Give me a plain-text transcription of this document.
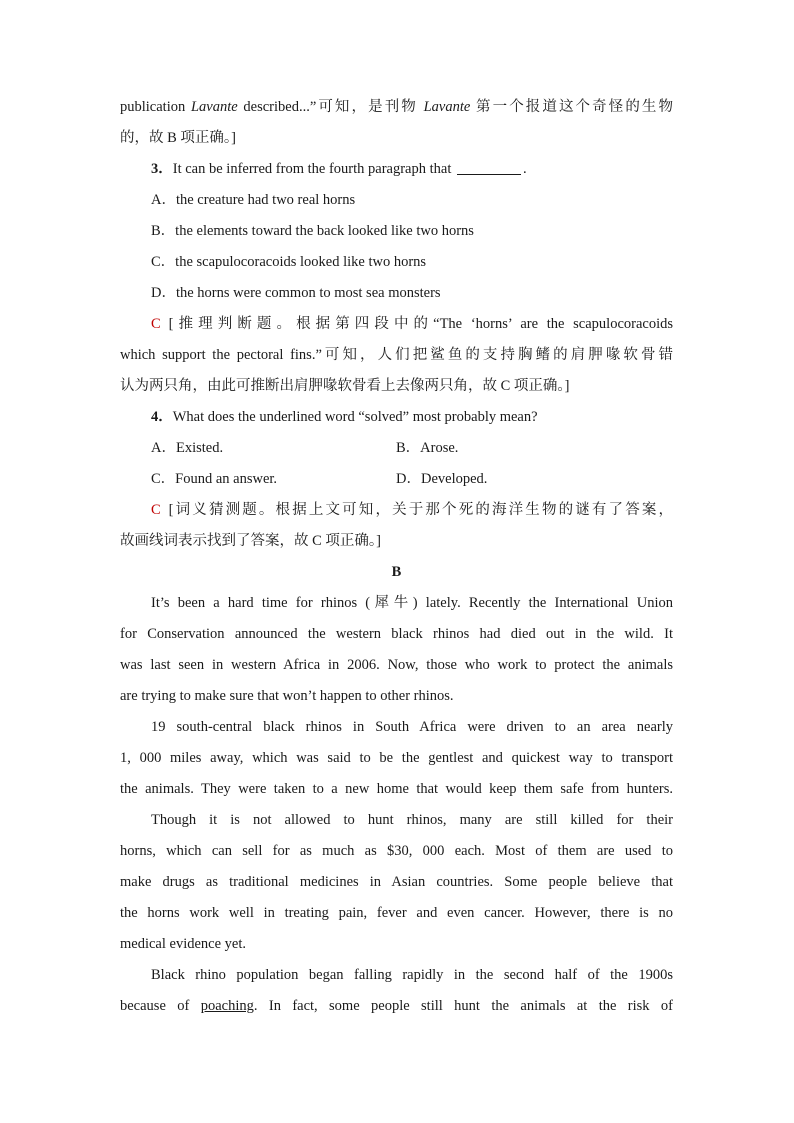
publication Lavante described...”可知，是刊物 Lavante 第一个报道这个奇怪的生物
的，故 B 项正确。]
3．It can be inferred from the fourth paragraph that	.
A．the creature had two real horns
B．the elements toward the back looked like two horns
C．the scapulocoracoids looked like two horns
D．the horns were common to most sea monsters
C [推理判断题。根据第四段中的“The ‘horns’ are the scapulocoracoids
which support the pectoral fins.”可知，人们把鲨鱼的支持胸鳍的肩胛喙软骨错
认为两只角，由此可推断出肩胛喙软骨看上去像两只角，故 C 项正确。]
4．What does the underlined word “solved” most probably mean?
A．Existed.	B．Arose.
C．Found an answer.	D．Developed.
C [词义猜测题。根据上文可知，关于那个死的海洋生物的谜有了答案，
故画线词表示找到了答案，故 C 项正确。]
B
It’s been a hard time for rhinos (犀牛) lately. Recently the International Union
for Conservation announced the western black rhinos had died out in the wild. It
was last seen in western Africa in 2006. Now, those who work to protect the animals
are trying to make sure that won’t happen to other rhinos.
19 south-central black rhinos in South Africa were driven to an area nearly
1, 000 miles away, which was said to be the gentlest and quickest way to transport
the animals. They were taken to a new home that would keep them safe from hunters.
Though it is not allowed to hunt rhinos, many are still killed for their
horns, which can sell for as much as $30, 000 each. Most of them are used to
make drugs as traditional medicines in Asian countries. Some people believe that
the horns work well in treating pain, fever and even cancer. However, there is no
medical evidence yet.
Black rhino population began falling rapidly in the second half of the 1900s
because of poaching. In fact, some people still hunt the animals at the risk of
